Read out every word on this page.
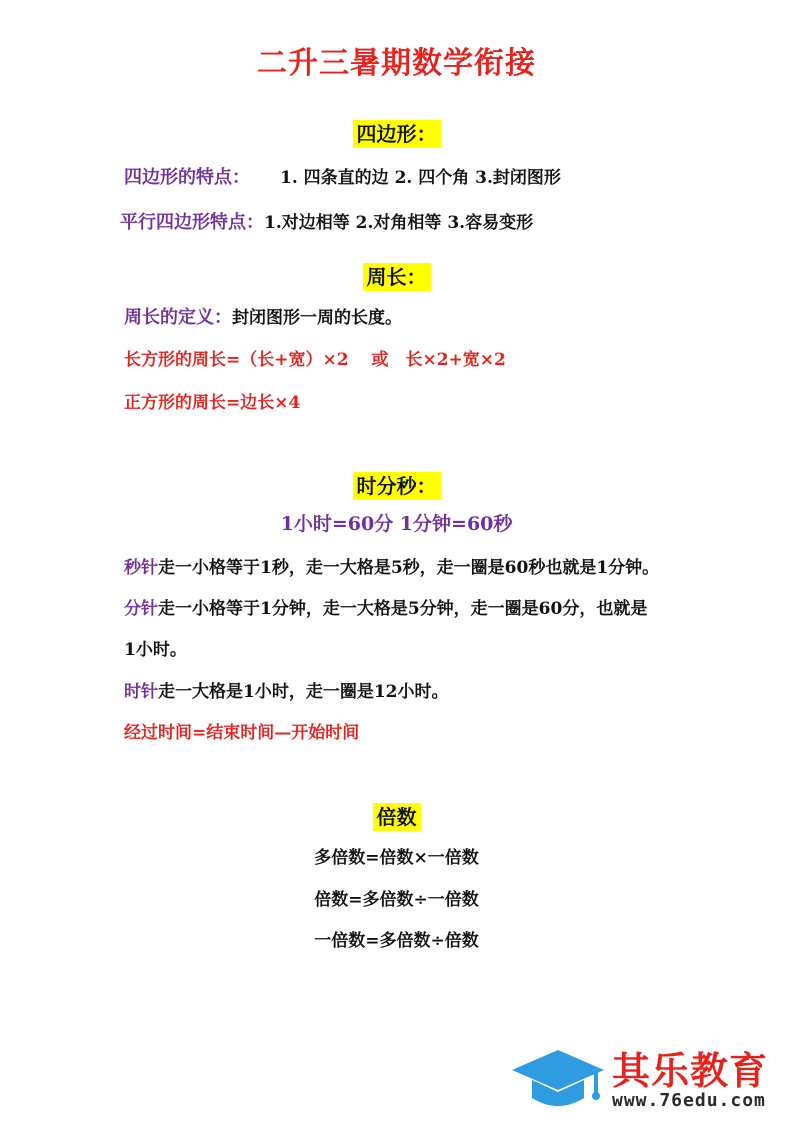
二升三暑期数学衔接
四边形：
四边形的特点： 1. 四条直的边 2. 四个角 3.封闭图形
平行四边形特点：1.对边相等 2.对角相等 3.容易变形
周长：
周长的定义：封闭图形一周的长度。
长方形的周长=（长+宽）×2　 或　长×2+宽×2
正方形的周长=边长×4
时分秒：
1小时=60分 1分钟=60秒
秒针走一小格等于1秒，走一大格是5秒，走一圈是60秒也就是1分钟。
分针走一小格等于1分钟，走一大格是5分钟，走一圈是60分，也就是
1小时。
时针走一大格是1小时，走一圈是12小时。
经过时间=结束时间—开始时间
倍数
多倍数=倍数×一倍数
倍数=多倍数÷一倍数
一倍数=多倍数÷倍数
其乐教育
www.76edu.com
